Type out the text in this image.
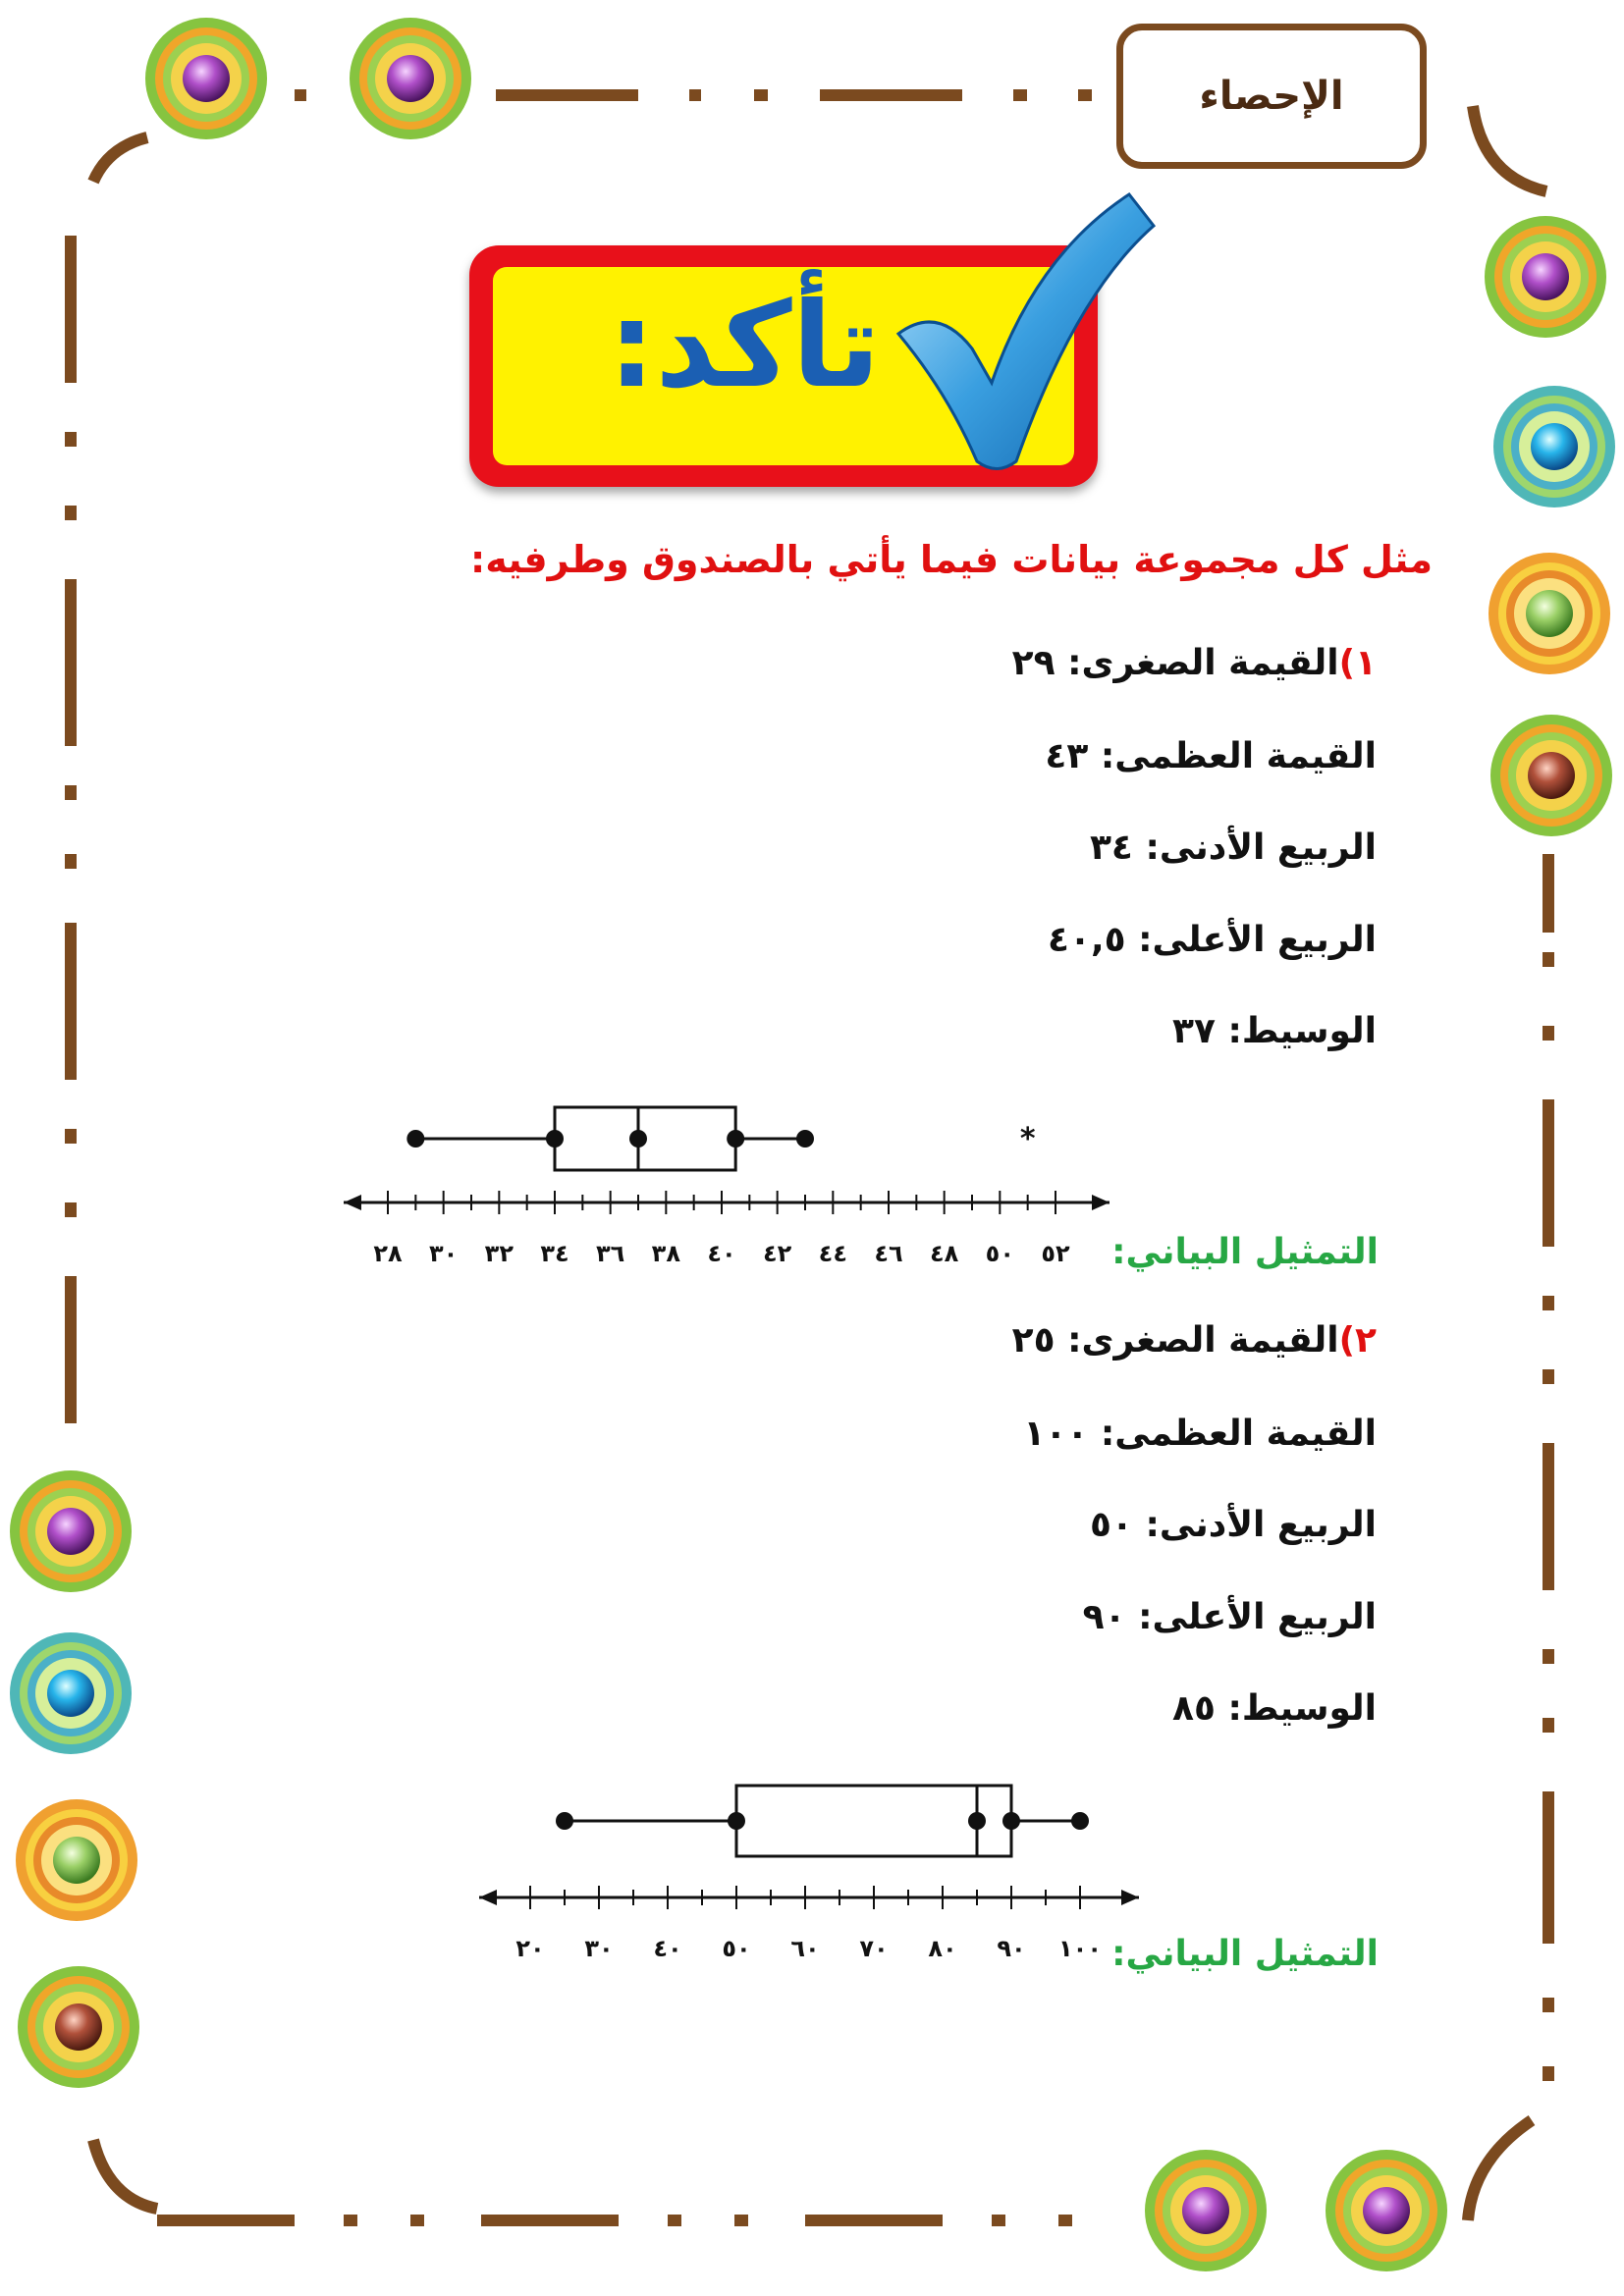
الإحصاء
تأكد:
مثل كل مجموعة بيانات فيما يأتي بالصندوق وطرفيه:
١)القيمة الصغرى: ٢٩
القيمة العظمى: ٤٣
الربيع الأدنى: ٣٤
الربيع الأعلى: ٤٠,٥
الوسيط: ٣٧
٢٨ ٣٠ ٣٢ ٣٤ ٣٦ ٣٨ ٤٠ ٤٢ ٤٤ ٤٦ ٤٨ ٥٠ ٥٢
*
التمثيل البياني:
٢)القيمة الصغرى: ٢٥
القيمة العظمى: ١٠٠
الربيع الأدنى: ٥٠
الربيع الأعلى: ٩٠
الوسيط: ٨٥
٢٠ ٣٠ ٤٠ ٥٠ ٦٠ ٧٠ ٨٠ ٩٠ ١٠٠ التمثيل البياني:
